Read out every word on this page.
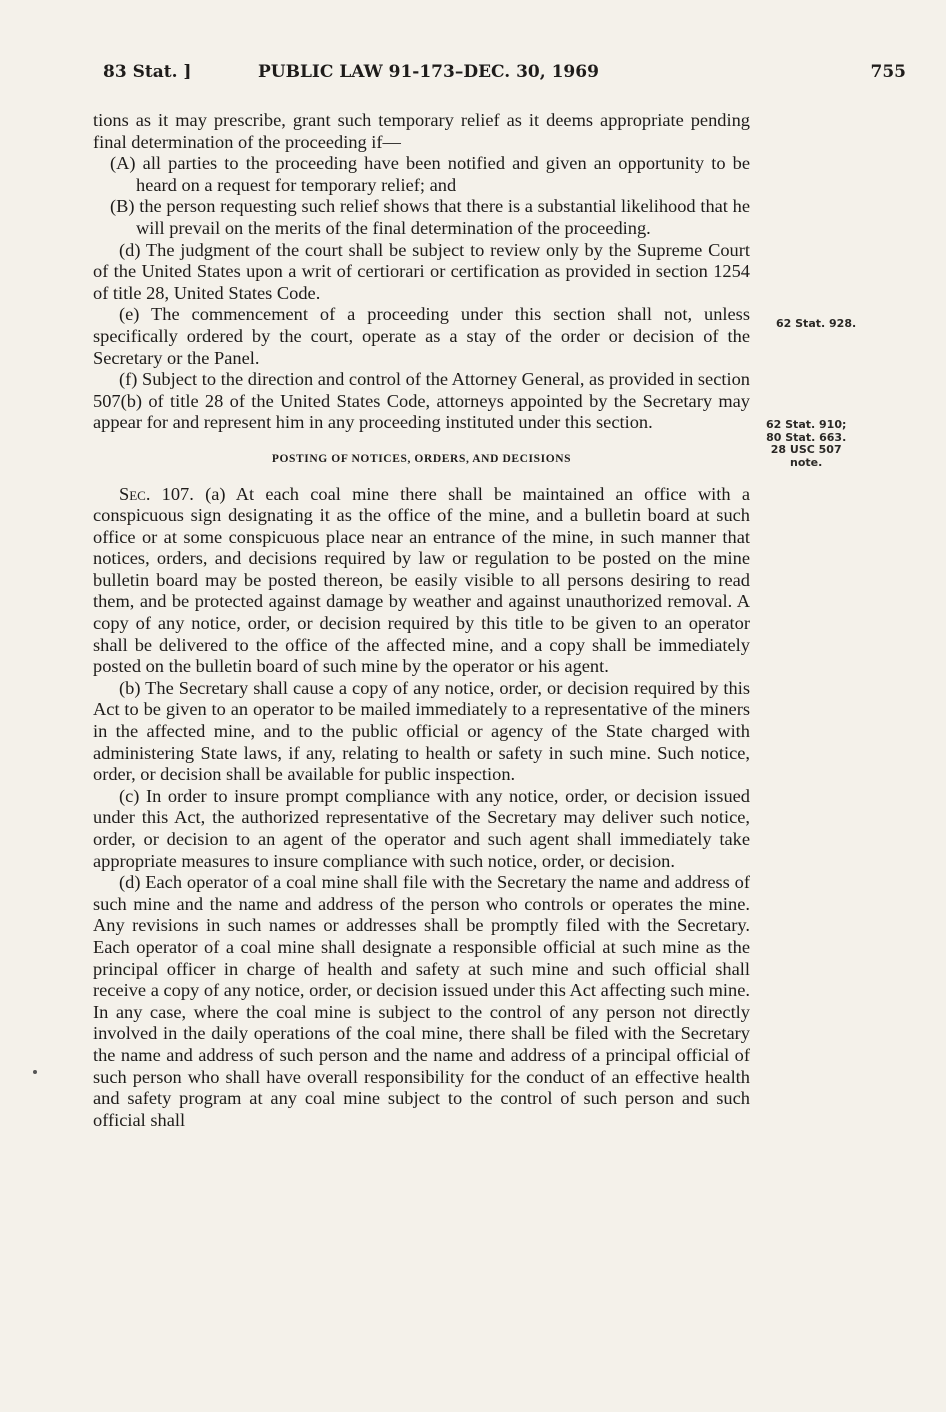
83 Stat. ]	PUBLIC LAW 91-173–DEC. 30, 1969	755

tions as it may prescribe, grant such temporary relief as it deems appropriate pending final determination of the proceeding if—

(A) all parties to the proceeding have been notified and given an opportunity to be heard on a request for temporary relief; and

(B) the person requesting such relief shows that there is a substantial likelihood that he will prevail on the merits of the final determination of the proceeding.

(d) The judgment of the court shall be subject to review only by the Supreme Court of the United States upon a writ of certiorari or certification as provided in section 1254 of title 28, United States Code.

(e) The commencement of a proceeding under this section shall not, unless specifically ordered by the court, operate as a stay of the order or decision of the Secretary or the Panel.

(f) Subject to the direction and control of the Attorney General, as provided in section 507(b) of title 28 of the United States Code, attorneys appointed by the Secretary may appear for and represent him in any proceeding instituted under this section.

POSTING OF NOTICES, ORDERS, AND DECISIONS

Sec. 107. (a) At each coal mine there shall be maintained an office with a conspicuous sign designating it as the office of the mine, and a bulletin board at such office or at some conspicuous place near an entrance of the mine, in such manner that notices, orders, and decisions required by law or regulation to be posted on the mine bulletin board may be posted thereon, be easily visible to all persons desiring to read them, and be protected against damage by weather and against unauthorized removal. A copy of any notice, order, or decision required by this title to be given to an operator shall be delivered to the office of the affected mine, and a copy shall be immediately posted on the bulletin board of such mine by the operator or his agent.

(b) The Secretary shall cause a copy of any notice, order, or decision required by this Act to be given to an operator to be mailed immediately to a representative of the miners in the affected mine, and to the public official or agency of the State charged with administering State laws, if any, relating to health or safety in such mine. Such notice, order, or decision shall be available for public inspection.

(c) In order to insure prompt compliance with any notice, order, or decision issued under this Act, the authorized representative of the Secretary may deliver such notice, order, or decision to an agent of the operator and such agent shall immediately take appropriate measures to insure compliance with such notice, order, or decision.

(d) Each operator of a coal mine shall file with the Secretary the name and address of such mine and the name and address of the person who controls or operates the mine. Any revisions in such names or addresses shall be promptly filed with the Secretary. Each operator of a coal mine shall designate a responsible official at such mine as the principal officer in charge of health and safety at such mine and such official shall receive a copy of any notice, order, or decision issued under this Act affecting such mine. In any case, where the coal mine is subject to the control of any person not directly involved in the daily operations of the coal mine, there shall be filed with the Secretary the name and address of such person and the name and address of a principal official of such person who shall have overall responsibility for the conduct of an effective health and safety program at any coal mine subject to the control of such person and such official shall

62 Stat. 928.
62 Stat. 910;
80 Stat. 663.
28 USC 507
note.
